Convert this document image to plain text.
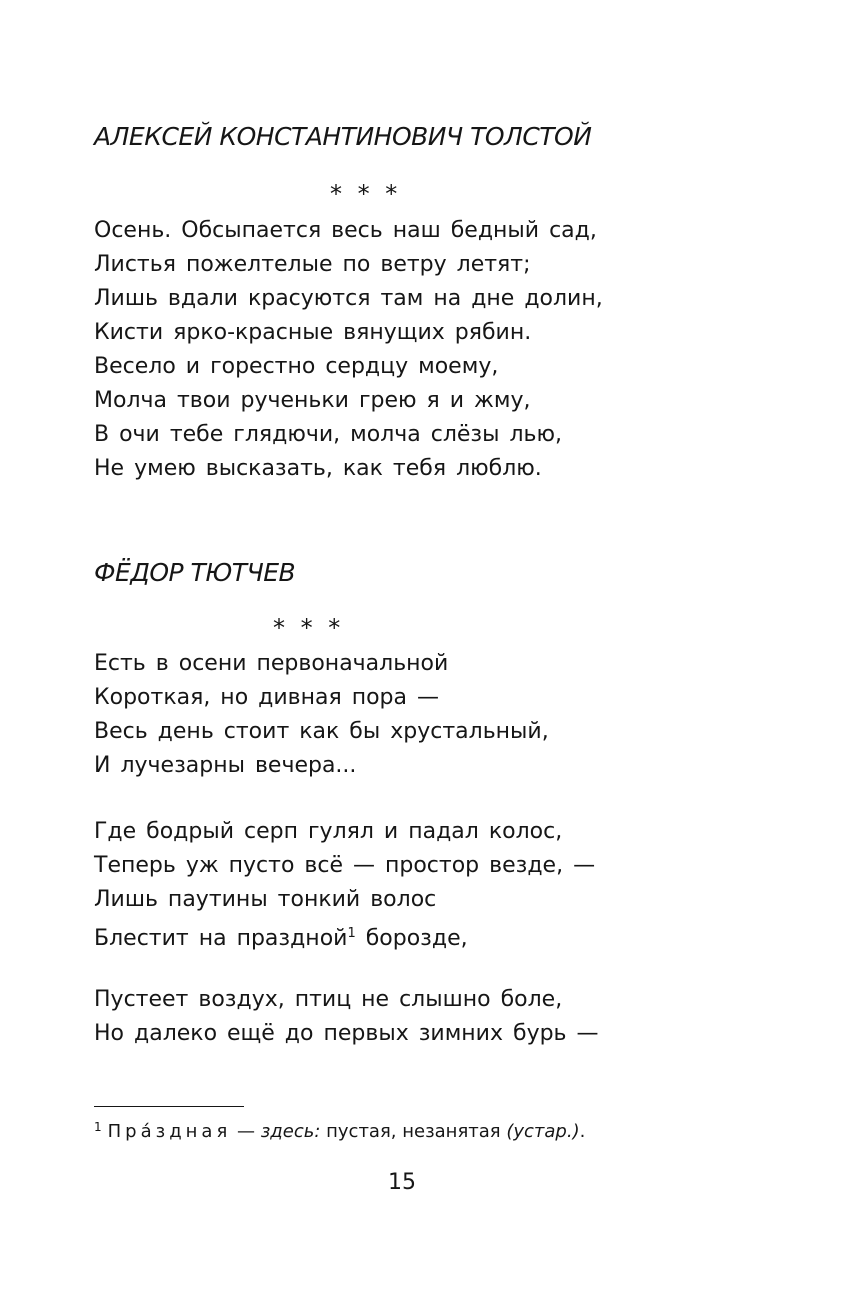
АЛЕКСЕЙ КОНСТАНТИНОВИЧ ТОЛСТОЙ
* * *
Осень. Обсыпается весь наш бедный сад,
Листья пожелтелые по ветру летят;
Лишь вдали красуются там на дне долин,
Кисти ярко-красные вянущих рябин.
Весело и горестно сердцу моему,
Молча твои рученьки грею я и жму,
В очи тебе глядючи, молча слёзы лью,
Не умею высказать, как тебя люблю.
ФЁДОР ТЮТЧЕВ
* * *
Есть в осени первоначальной
Короткая, но дивная пора —
Весь день стоит как бы хрустальный,
И лучезарны вечера...
Где бодрый серп гулял и падал колос,
Теперь уж пусто всё — простор везде, —
Лишь паутины тонкий волос
Блестит на праздной$^1$ бороздe,
Пустеет воздух, птиц не слышно боле,
Но далеко ещё до первых зимних бурь —
$^1$ Пра́здная — здесь: пустая, незанятая (устар.).
15
